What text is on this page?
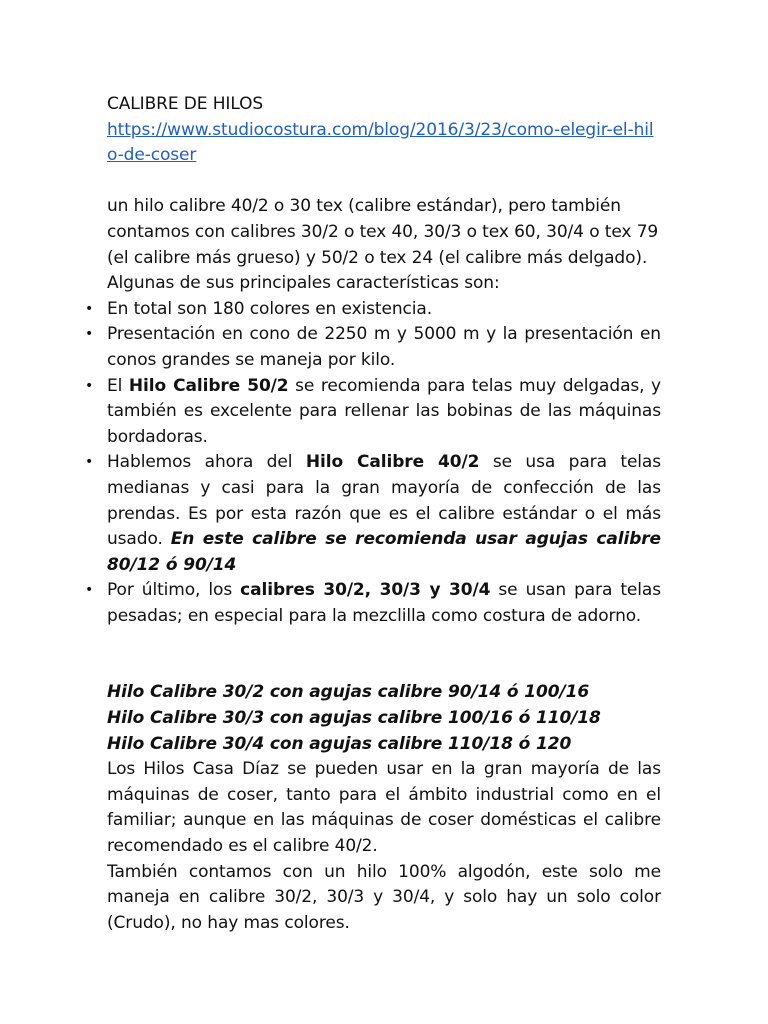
CALIBRE DE HILOS

https://www.studiocostura.com/blog/2016/3/23/como-elegir-el-hilo-de-coser

un hilo calibre 40/2 o 30 tex (calibre estándar), pero también contamos con calibres 30/2 o tex 40, 30/3 o tex 60, 30/4 o tex 79 (el calibre más grueso) y 50/2 o tex 24 (el calibre más delgado). Algunas de sus principales características son:

• En total son 180 colores en existencia.
• Presentación en cono de 2250 m y 5000 m y la presentación en conos grandes se maneja por kilo.
• El Hilo Calibre 50/2 se recomienda para telas muy delgadas, y también es excelente para rellenar las bobinas de las máquinas bordadoras.
• Hablemos ahora del Hilo Calibre 40/2 se usa para telas medianas y casi para la gran mayoría de confección de las prendas. Es por esta razón que es el calibre estándar o el más usado. En este calibre se recomienda usar agujas calibre 80/12 ó 90/14
• Por último, los calibres 30/2, 30/3 y 30/4 se usan para telas pesadas; en especial para la mezclilla como costura de adorno.

Hilo Calibre 30/2 con agujas calibre 90/14 ó 100/16

Hilo Calibre 30/3 con agujas calibre 100/16 ó 110/18

Hilo Calibre 30/4 con agujas calibre 110/18 ó 120

Los Hilos Casa Díaz se pueden usar en la gran mayoría de las máquinas de coser, tanto para el ámbito industrial como en el familiar; aunque en las máquinas de coser domésticas el calibre recomendado es el calibre 40/2.

También contamos con un hilo 100% algodón, este solo me maneja en calibre 30/2, 30/3 y 30/4, y solo hay un solo color (Crudo), no hay mas colores.
